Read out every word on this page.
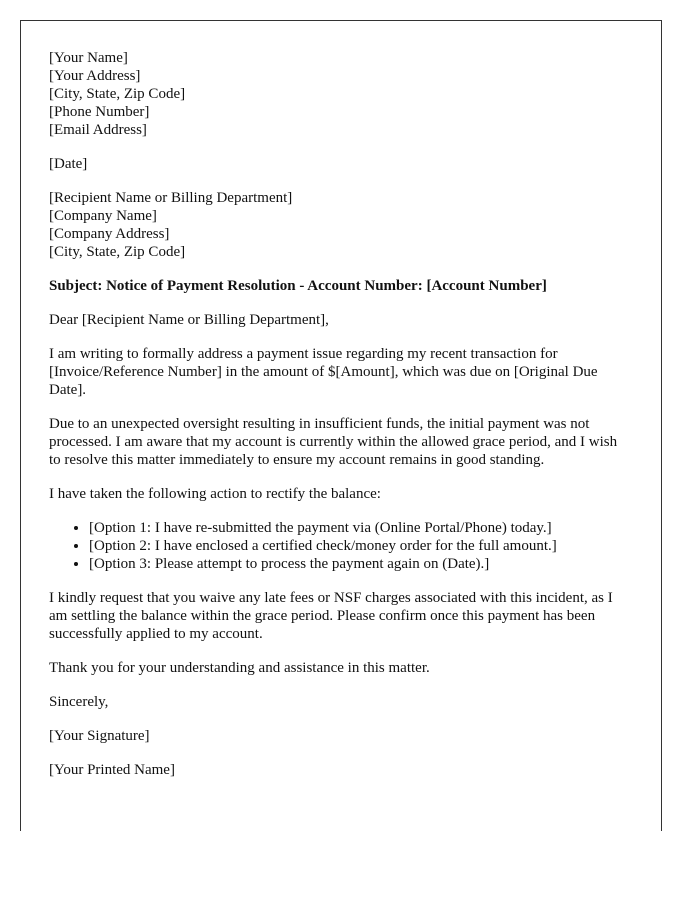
[Your Name]
[Your Address]
[City, State, Zip Code]
[Phone Number]
[Email Address]

[Date]

[Recipient Name or Billing Department]
[Company Name]
[Company Address]
[City, State, Zip Code]

Subject: Notice of Payment Resolution - Account Number: [Account Number]

Dear [Recipient Name or Billing Department],

I am writing to formally address a payment issue regarding my recent transaction for [Invoice/Reference Number] in the amount of $[Amount], which was due on [Original Due Date].

Due to an unexpected oversight resulting in insufficient funds, the initial payment was not processed. I am aware that my account is currently within the allowed grace period, and I wish to resolve this matter immediately to ensure my account remains in good standing.

I have taken the following action to rectify the balance:

• [Option 1: I have re-submitted the payment via (Online Portal/Phone) today.]
• [Option 2: I have enclosed a certified check/money order for the full amount.]
• [Option 3: Please attempt to process the payment again on (Date).]

I kindly request that you waive any late fees or NSF charges associated with this incident, as I am settling the balance within the grace period. Please confirm once this payment has been successfully applied to my account.

Thank you for your understanding and assistance in this matter.

Sincerely,

[Your Signature]

[Your Printed Name]
